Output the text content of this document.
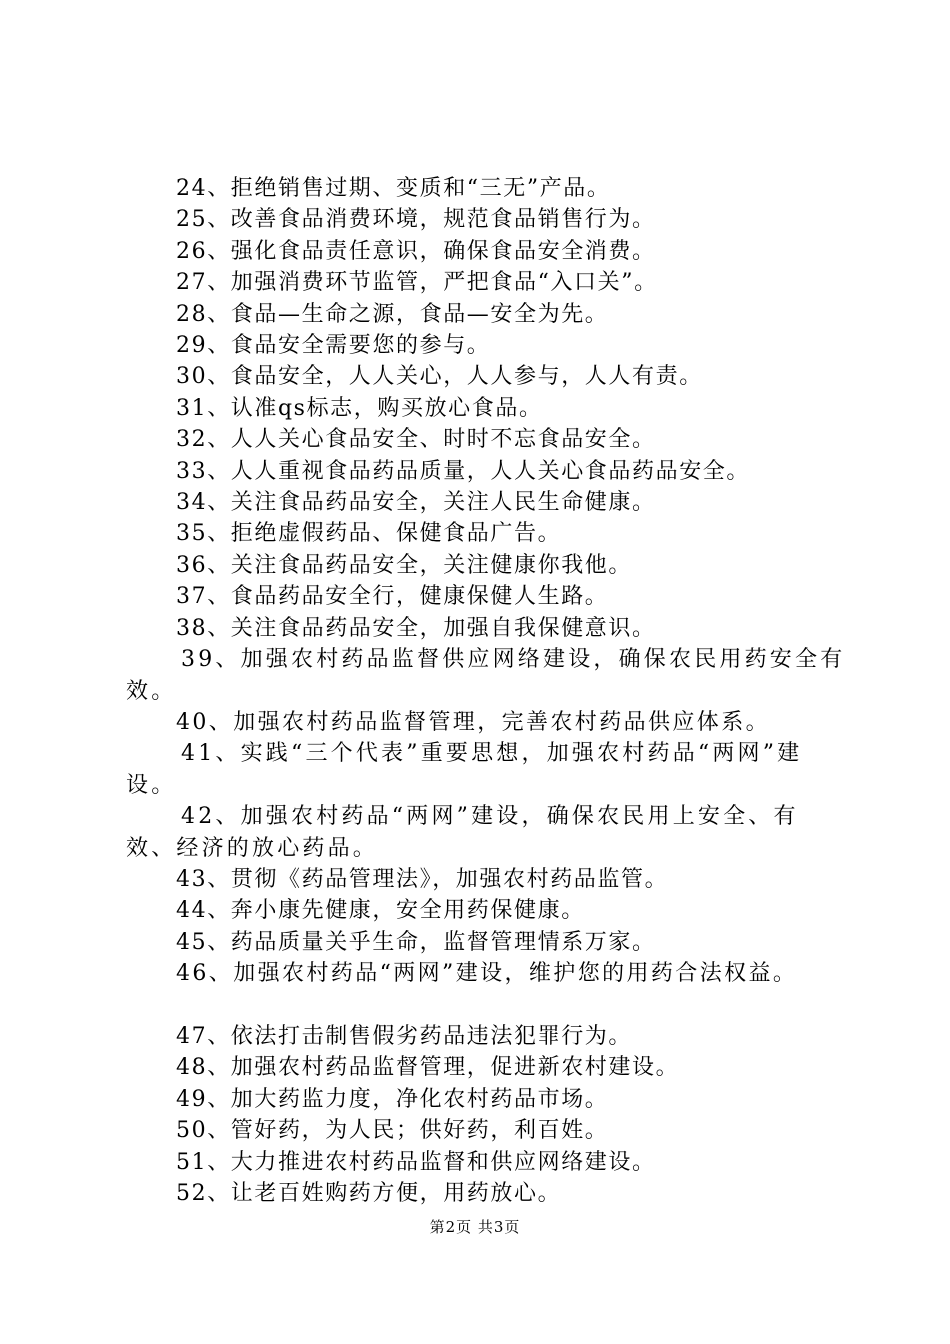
24、拒绝销售过期、变质和“三无”产品。
25、改善食品消费环境，规范食品销售行为。
26、强化食品责任意识，确保食品安全消费。
27、加强消费环节监管，严把食品“入口关”。
28、食品—生命之源，食品—安全为先。
29、食品安全需要您的参与。
30、食品安全，人人关心，人人参与，人人有责。
31、认准qs标志，购买放心食品。
32、人人关心食品安全、时时不忘食品安全。
33、人人重视食品药品质量，人人关心食品药品安全。
34、关注食品药品安全，关注人民生命健康。
35、拒绝虚假药品、保健食品广告。
36、关注食品药品安全，关注健康你我他。
37、食品药品安全行，健康保健人生路。
38、关注食品药品安全，加强自我保健意识。
39、加强农村药品监督供应网络建设，确保农民用药安全有效。
40、加强农村药品监督管理，完善农村药品供应体系。
41、实践“三个代表”重要思想，加强农村药品“两网”建设。
42、加强农村药品“两网”建设，确保农民用上安全、有效、经济的放心药品。
43、贯彻《药品管理法》，加强农村药品监管。
44、奔小康先健康，安全用药保健康。
45、药品质量关乎生命，监督管理情系万家。
46、加强农村药品“两网”建设，维护您的用药合法权益。
47、依法打击制售假劣药品违法犯罪行为。
48、加强农村药品监督管理，促进新农村建设。
49、加大药监力度，净化农村药品市场。
50、管好药，为人民；供好药，利百姓。
51、大力推进农村药品监督和供应网络建设。
52、让老百姓购药方便，用药放心。
第2页 共3页
